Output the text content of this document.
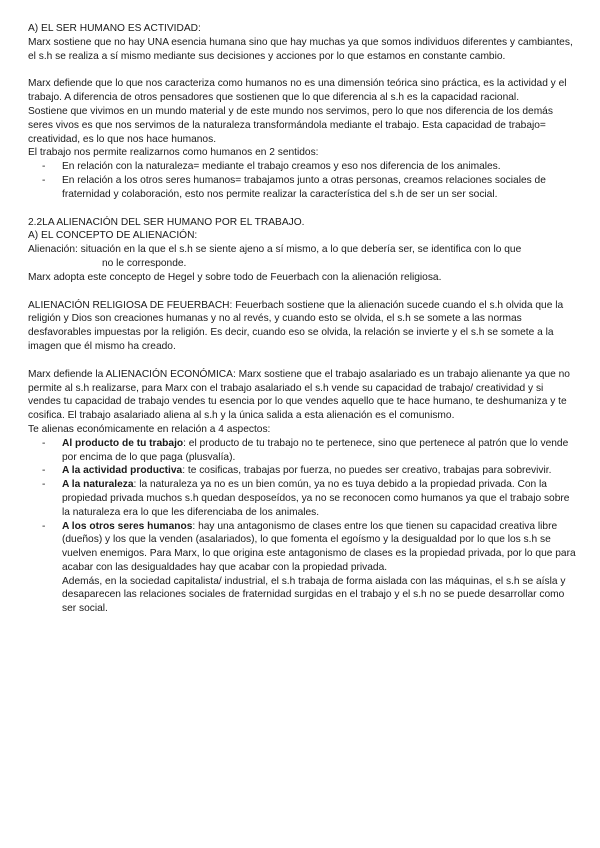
A) EL SER HUMANO ES ACTIVIDAD:

Marx sostiene que no hay UNA esencia humana sino que hay muchas ya que somos individuos diferentes y cambiantes, el s.h se realiza a sí mismo mediante sus decisiones y acciones por lo que estamos en constante cambio.

Marx defiende que lo que nos caracteriza como humanos no es una dimensión teórica sino práctica, es la actividad y el trabajo. A diferencia de otros pensadores que sostienen que lo que diferencia al s.h es la capacidad racional.

Sostiene que vivimos en un mundo material y de este mundo nos servimos, pero lo que nos diferencia de los demás seres vivos es que nos servimos de la naturaleza transformándola mediante el trabajo. Esta capacidad de trabajo= creatividad, es lo que nos hace humanos.

El trabajo nos permite realizarnos como humanos en 2 sentidos:

- En relación con la naturaleza= mediante el trabajo creamos y eso nos diferencia de los animales.
- En relación a los otros seres humanos= trabajamos junto a otras personas, creamos relaciones sociales de fraternidad y colaboración, esto nos permite realizar la característica del s.h de ser un ser social.

2.2LA ALIENACIÓN DEL SER HUMANO POR EL TRABAJO.

A) EL CONCEPTO DE ALIENACIÓN:

Alienación: situación en la que el s.h se siente ajeno a sí mismo, a lo que debería ser, se identifica con lo que

no le corresponde.

Marx adopta este concepto de Hegel y sobre todo de Feuerbach con la alienación religiosa.

ALIENACIÓN RELIGIOSA DE FEUERBACH: Feuerbach sostiene que la alienación sucede cuando el s.h olvida que la religión y Dios son creaciones humanas y no al revés, y cuando esto se olvida, el s.h se somete a las normas desfavorables impuestas por la religión. Es decir, cuando eso se olvida, la relación se invierte y el s.h se somete a la imagen que él mismo ha creado.

Marx defiende la ALIENACIÓN ECONÓMICA: Marx sostiene que el trabajo asalariado es un trabajo alienante ya que no permite al s.h realizarse, para Marx con el trabajo asalariado el s.h vende su capacidad de trabajo/ creatividad y si vendes tu capacidad de trabajo vendes tu esencia por lo que vendes aquello que te hace humano, te deshumaniza y te cosifica. El trabajo asalariado aliena al s.h y la única salida a esta alienación es el comunismo.

Te alienas económicamente en relación a 4 aspectos:

- Al producto de tu trabajo: el producto de tu trabajo no te pertenece, sino que pertenece al patrón que lo vende por encima de lo que paga (plusvalía).
- A la actividad productiva: te cosificas, trabajas por fuerza, no puedes ser creativo, trabajas para sobrevivir.
- A la naturaleza: la naturaleza ya no es un bien común, ya no es tuya debido a la propiedad privada. Con la propiedad privada muchos s.h quedan desposeídos, ya no se reconocen como humanos ya que el trabajo sobre la naturaleza era lo que les diferenciaba de los animales.
- A los otros seres humanos: hay una antagonismo de clases entre los que tienen su capacidad creativa libre (dueños) y los que la venden (asalariados), lo que fomenta el egoísmo y la desigualdad por lo que los s.h se vuelven enemigos. Para Marx, lo que origina este antagonismo de clases es la propiedad privada, por lo que para acabar con las desigualdades hay que acabar con la propiedad privada.
Además, en la sociedad capitalista/ industrial, el s.h trabaja de forma aislada con las máquinas, el s.h se aísla y desaparecen las relaciones sociales de fraternidad surgidas en el trabajo y el s.h no se puede desarrollar como ser social.
